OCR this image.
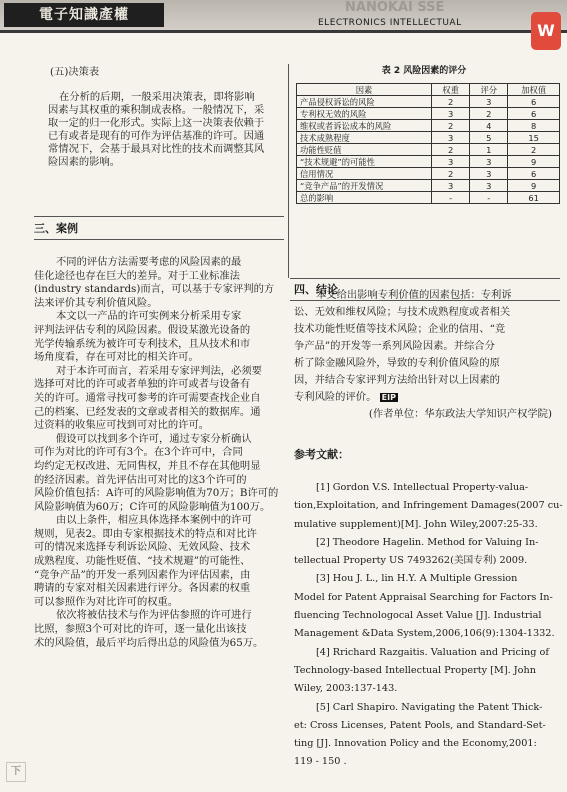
電子知識產權	NANOKAI SSE
ELECTRONICS INTELLECTUAL	W
(五)决策表
在分析的后期，一般采用决策表，即将影响
因素与其权重的乘积制成表格。一般情况下，采
取一定的归一化形式。实际上这一决策表依赖于
已有或者是现有的可作为评估基准的许可。因通
常情况下，会基于最具对比性的技术而调整其风
险因素的影响。
三、案例
不同的评估方法需要考虑的风险因素的最
佳化途径也存在巨大的差异。对于工业标准法
(industry standards)而言，可以基于专家评判的方
法来评价其专利价值风险。
本文以一产品的许可实例来分析采用专家
评判法评估专利的风险因素。假设某激光设备的
光学传输系统为被许可专利技术，且从技术和市
场角度看，存在可对比的相关许可。
对于本许可而言，若采用专家评判法，必须要
选择可对比的许可或者单独的许可或者与设备有
关的许可。通常寻找可参考的许可需要查找企业自
己的档案、已经发表的文章或者相关的数据库。通
过资料的收集应可找到可对比的许可。
假设可以找到多个许可，通过专家分析确认
可作为对比的许可有3个。在3个许可中，合同
均约定无权改进、无同售权，并且不存在其他明显
的经济因素。首先评估出可对比的这3个许可的
风险价值包括：A许可的风险影响值为70万；B许可的
风险影响值为60万；C许可的风险影响值为100万。
由以上条件，相应具体选择本案例中的许可
规则，见表2。即由专家根据技术的特点和对比许
可的情况来选择专利诉讼风险、无效风险、技术
成熟程度、功能性贬值、“技术规避”的可能性、
“竞争产品”的开发一系列因素作为评估因素，由
聘请的专家对相关因素进行评分。各因素的权重
可以参照作为对比许可的权重。
依次将被估技术与作为评估参照的许可进行
比照，参照3个可对比的许可，逐一量化出该技
术的风险值，最后平均后得出总的风险值为65万。
表 2 风险因素的评分
因素	权重	评分	加权值
产品侵权诉讼的风险	2	3	6
专利权无效的风险	3	2	6
维权或者诉讼成本的风险	2	4	8
技术成熟程度	3	5	15
功能性贬值	2	1	2
“技术规避”的可能性	3	3	9
信用情况	2	3	6
“竞争产品”的开发情况	3	3	9
总的影响	-	-	61
四、结论
本文给出影响专利价值的因素包括：专利诉
讼、无效和维权风险；与技术成熟程度或者相关
技术功能性贬值等技术风险；企业的信用、“竞
争产品”的开发等一系列风险因素。并综合分
析了除金融风险外，导致的专利价值风险的原
因，并结合专家评判方法给出针对以上因素的
专利风险的评价。 EIP
(作者单位：华东政法大学知识产权学院)
参考文献：
[1] Gordon V.S. Intellectual Property-valua-
tion,Exploitation, and Infringement Damages(2007 cu-
mulative supplement)[M]. John Wiley,2007:25-33.
[2] Theodore Hagelin. Method for Valuing In-
tellectual Property US 7493262(美国专利) 2009.
[3] Hou J. L., lin H.Y. A Multiple Gression
Model for Patent Appraisal Searching for Factors In-
fluencing Technologocal Asset Value [J]. Industrial
Management &Data System,2006,106(9):1304-1332.
[4] Rrichard Razgaitis. Valuation and Pricing of
Technology-based Intellectual Property [M]. John
Wiley, 2003:137-143.
[5] Carl Shapiro. Navigating the Patent Thick-
et: Cross Licenses, Patent Pools, and Standard-Set-
ting [J]. Innovation Policy and the Economy,2001:
119 - 150 .
下
